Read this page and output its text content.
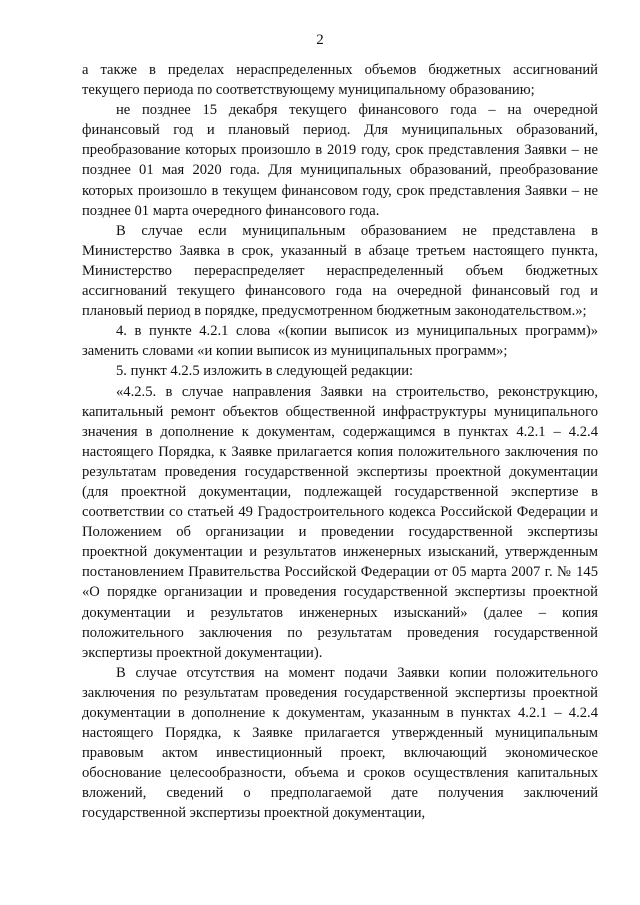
2

а также в пределах нераспределенных объемов бюджетных ассигнований текущего периода по соответствующему муниципальному образованию;

не позднее 15 декабря текущего финансового года – на очередной финансовый год и плановый период. Для муниципальных образований, преобразование которых произошло в 2019 году, срок представления Заявки – не позднее 01 мая 2020 года. Для муниципальных образований, преобразование которых произошло в текущем финансовом году, срок представления Заявки – не позднее 01 марта очередного финансового года.

В случае если муниципальным образованием не представлена в Министерство Заявка в срок, указанный в абзаце третьем настоящего пункта, Министерство перераспределяет нераспределенный объем бюджетных ассигнований текущего финансового года на очередной финансовый год и плановый период в порядке, предусмотренном бюджетным законодательством.»;

4. в пункте 4.2.1 слова «(копии выписок из муниципальных программ)» заменить словами «и копии выписок из муниципальных программ»;

5. пункт 4.2.5 изложить в следующей редакции:

«4.2.5. в случае направления Заявки на строительство, реконструкцию, капитальный ремонт объектов общественной инфраструктуры муниципального значения в дополнение к документам, содержащимся в пунктах 4.2.1 – 4.2.4 настоящего Порядка, к Заявке прилагается копия положительного заключения по результатам проведения государственной экспертизы проектной документации (для проектной документации, подлежащей государственной экспертизе в соответствии со статьей 49 Градостроительного кодекса Российской Федерации и Положением об организации и проведении государственной экспертизы проектной документации и результатов инженерных изысканий, утвержденным постановлением Правительства Российской Федерации от 05 марта 2007 г. № 145 «О порядке организации и проведения государственной экспертизы проектной документации и результатов инженерных изысканий» (далее – копия положительного заключения по результатам проведения государственной экспертизы проектной документации).

В случае отсутствия на момент подачи Заявки копии положительного заключения по результатам проведения государственной экспертизы проектной документации в дополнение к документам, указанным в пунктах 4.2.1 – 4.2.4 настоящего Порядка, к Заявке прилагается утвержденный муниципальным правовым актом инвестиционный проект, включающий экономическое обоснование целесообразности, объема и сроков осуществления капитальных вложений, сведений о предполагаемой дате получения заключений государственной экспертизы проектной документации,
